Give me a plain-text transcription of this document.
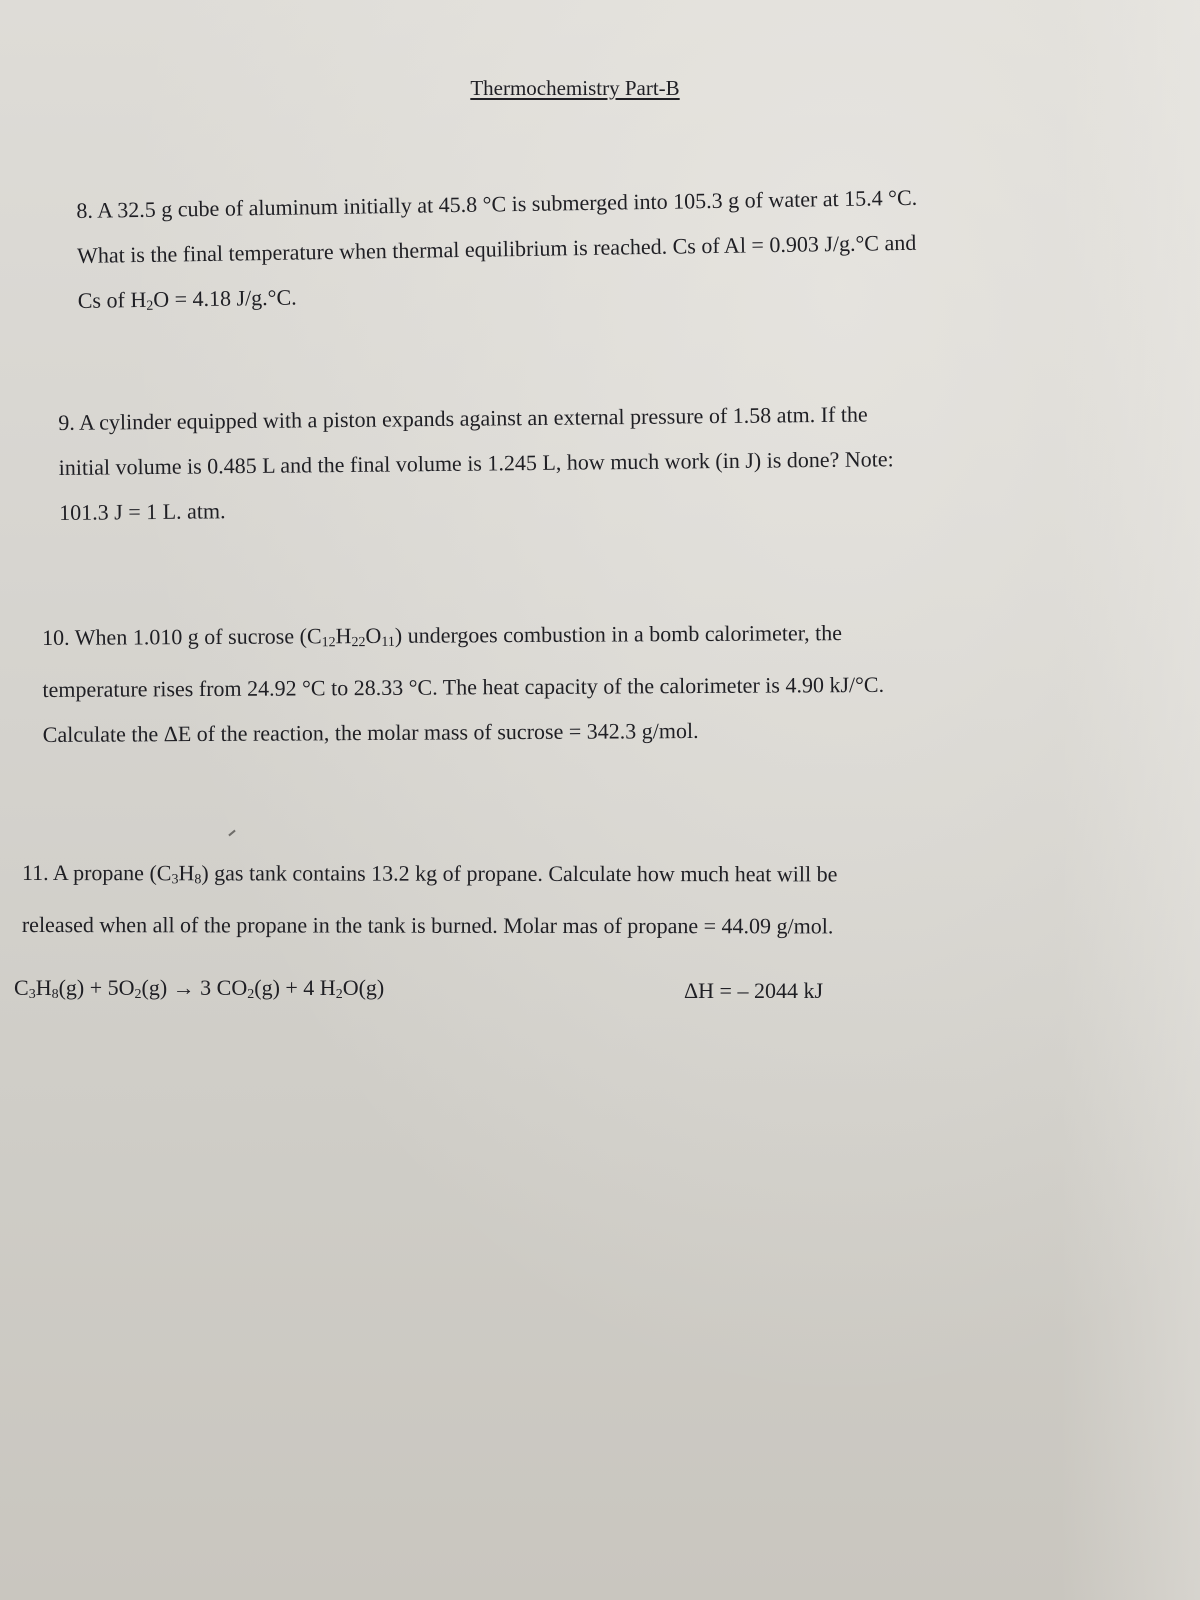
Thermochemistry Part-B
8. A 32.5 g cube of aluminum initially at 45.8 °C is submerged into 105.3 g of water at 15.4 °C.
What is the final temperature when thermal equilibrium is reached. Cs of Al = 0.903 J/g.°C and
Cs of $H_2O = 4.18$ J/g.°C.
9. A cylinder equipped with a piston expands against an external pressure of 1.58 atm. If the
initial volume is 0.485 L and the final volume is 1.245 L, how much work (in J) is done? Note:
101.3 J = 1 L. atm.
10. When 1.010 g of sucrose $(C_{12}H_{22}O_{11})$ undergoes combustion in a bomb calorimeter, the
temperature rises from 24.92 °C to 28.33 °C. The heat capacity of the calorimeter is 4.90 kJ/°C.
Calculate the ΔE of the reaction, the molar mass of sucrose = 342.3 g/mol.
11. A propane $(C_3H_8)$ gas tank contains 13.2 kg of propane. Calculate how much heat will be
released when all of the propane in the tank is burned. Molar mas of propane = 44.09 g/mol.
$C_3H_8(g) + 5O_2(g) \to 3$ $CO_2(g) + 4$ $H_2O(g)$	ΔH = – 2044 kJ
